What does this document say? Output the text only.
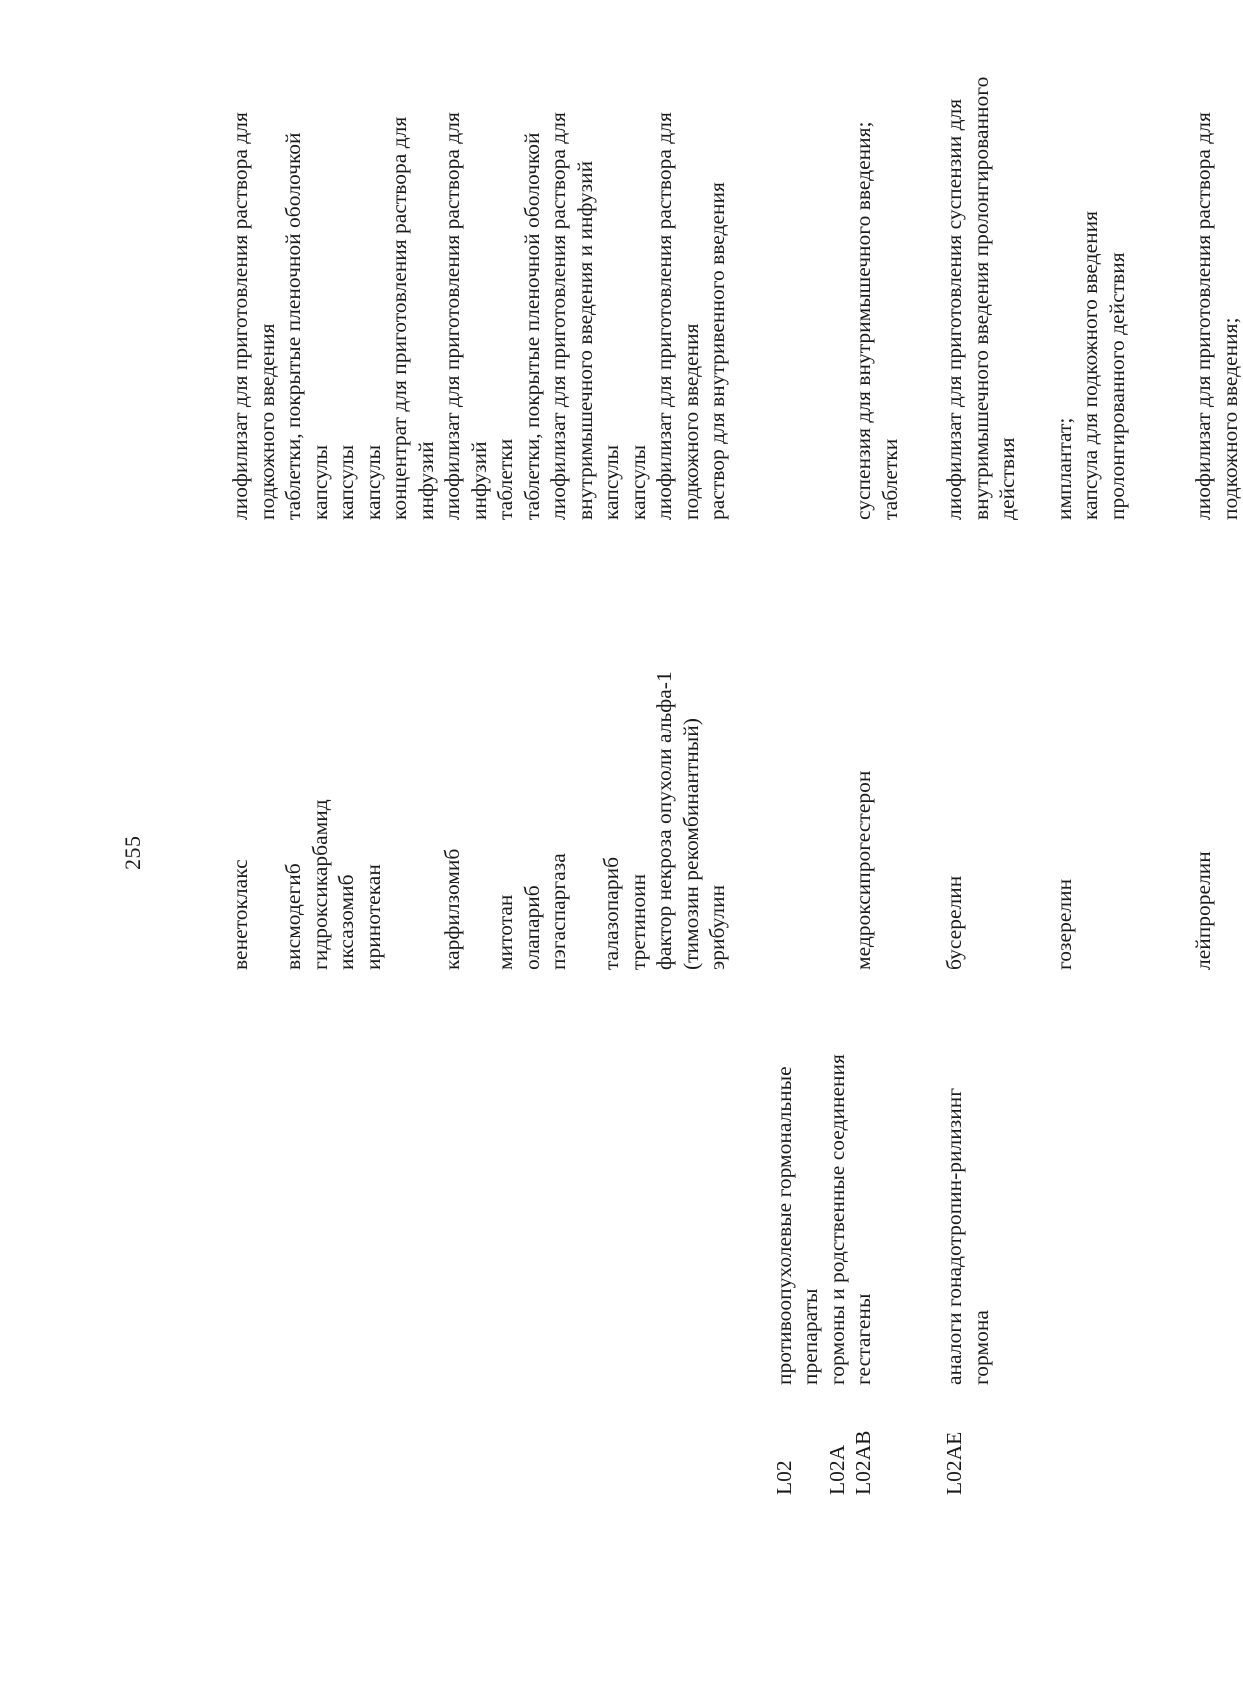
255
венетоклакс
лиофилизат для приготовления раствора для подкожного введения
висмодегиб
таблетки, покрытые пленочной оболочкой
гидроксикарбамид
капсулы
иксазомиб
капсулы
иринотекан
капсулы концентрат для приготовления раствора для инфузий
карфилзомиб
лиофилизат для приготовления раствора для инфузий
митотан
таблетки
олапариб
таблетки, покрытые пленочной оболочкой
пэгаспаргаза
лиофилизат для приготовления раствора для внутримышечного введения и инфузий
талазопариб
капсулы
третиноин
капсулы
фактор некроза опухоли альфа-1 (тимозин рекомбинантный)
лиофилизат для приготовления раствора для подкожного введения
эрибулин
раствор для внутривенного введения
L02
противоопухолевые гормональные препараты
L02A
гормоны и родственные соединения
L02AB
гестагены
медроксипрогестерон
суспензия для внутримышечного введения; таблетки
L02AE
аналоги гонадотропин-рилизинг гормона
бусерелин
лиофилизат для приготовления суспензии для внутримышечного введения пролонгированного действия
гозерелин
имплантат; капсула для подкожного введения пролонгированного действия
лейпрорелин
лиофилизат для приготовления раствора для подкожного введения;
